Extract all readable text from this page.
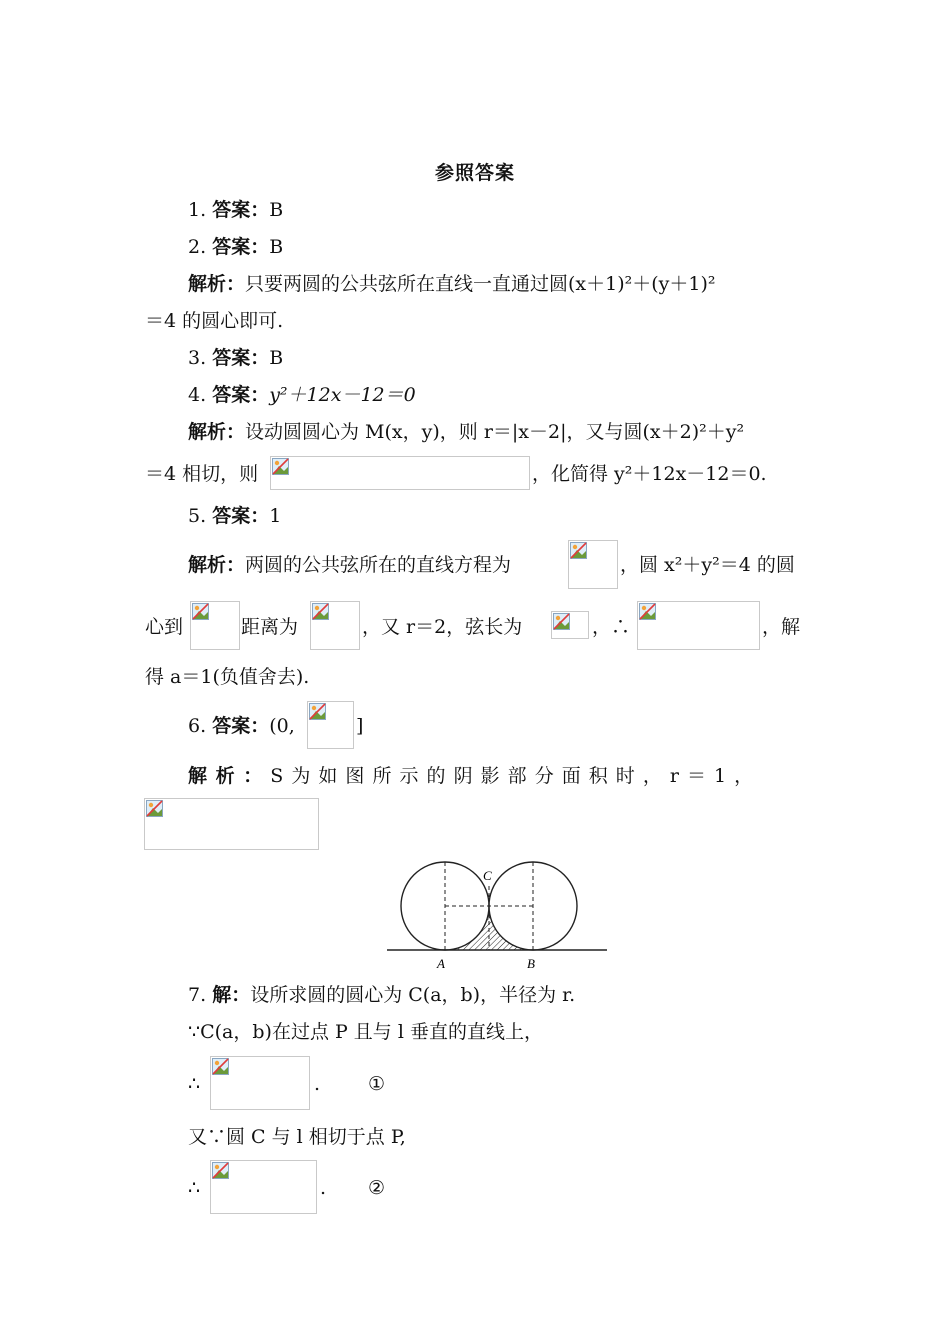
参照答案
1. 答案：B
2. 答案：B
解析：只要两圆的公共弦所在直线一直通过圆(x＋1)²＋(y＋1)²
＝4 的圆心即可.
3. 答案：B
4. 答案：y²＋12x－12＝0
解析：设动圆圆心为 M(x，y)，则 r＝|x－2|，又与圆(x＋2)²＋y²
＝4 相切，则	，化简得 y²＋12x－12＝0.
5. 答案：1
解析：两圆的公共弦所在的直线方程为	，圆 x²＋y²＝4 的圆
心到	距离为	，又 r＝2，弦长为	，∴	，解
得 a＝1(负值舍去).
6. 答案：(0,	]
解 析 ： S 为 如 图 所 示 的 阴 影 部 分 面 积 时 ， r ＝ 1 ，
C
A	B
7. 解：设所求圆的圆心为 C(a，b)，半径为 r.
∵C(a，b)在过点 P 且与 l 垂直的直线上，
∴	.	①
又∵圆 C 与 l 相切于点 P,
∴	.	②
